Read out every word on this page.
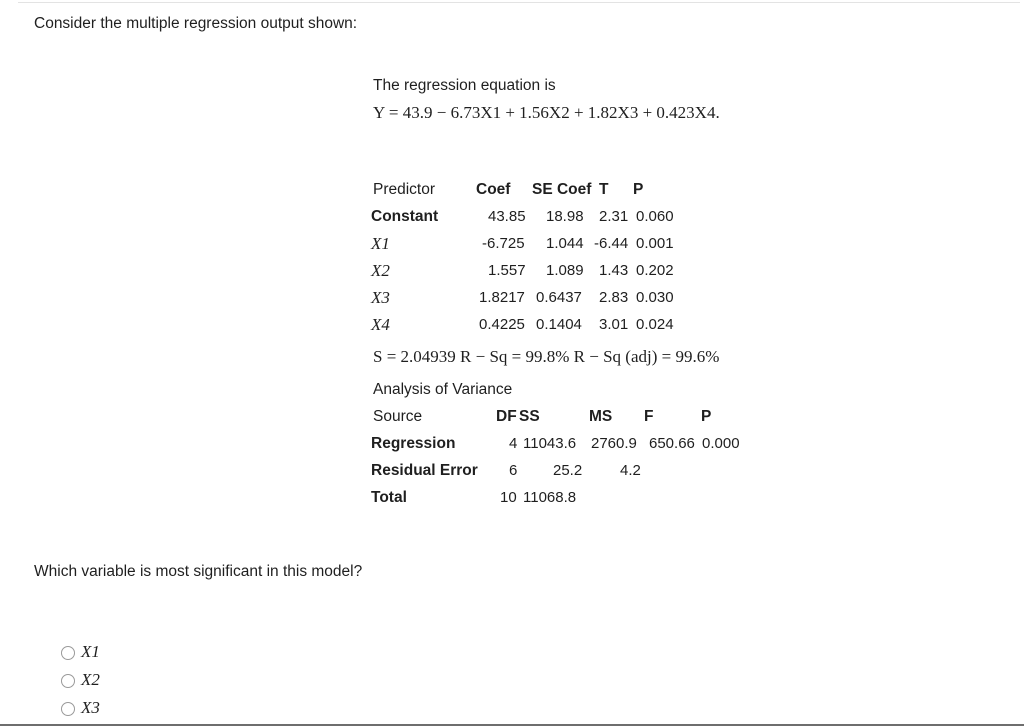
Consider the multiple regression output shown:
The regression equation is
Y = 43.9 − 6.73X1 + 1.56X2 + 1.82X3 + 0.423X4.
Predictor	Coef SE Coef T P
Constant	43.85 18.98 2.31 0.060
X1	-6.725 1.044 -6.44 0.001
X2	1.557 1.089 1.43 0.202
X3	1.8217 0.6437 2.83 0.030
X4	0.4225 0.1404 3.01 0.024
S = 2.04939 R − Sq = 99.8% R − Sq (adj) = 99.6%
Analysis of Variance
Source	DF SS	MS F	P
Regression	4 11043.6 2760.9 650.66 0.000
Residual Error 6 25.2	4.2
Total	10 11068.8
Which variable is most significant in this model?
X1
X2
X3
